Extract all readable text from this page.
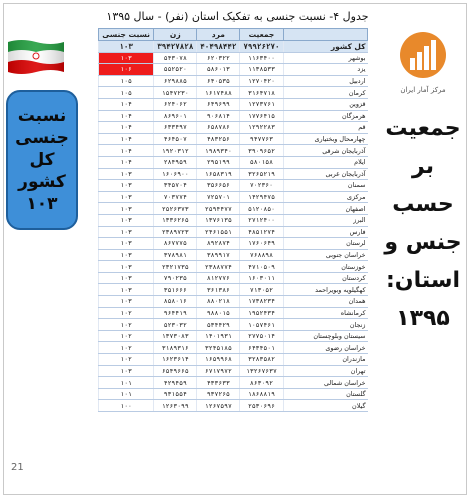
جدول ۴- نسبت جنسی به تفکیک استان (نفر) - سال ۱۳۹۵
نسبت
جنسی
کل
کشور
۱۰۳
مرکز آمار ایران
جمعیت
بر
حسب
جنس و
استان:
۱۳۹۵
نسبت جنسی	زن	مرد	جمعیت	
۱۰۳	۳۹۴۲۷۸۲۸	۴۰۴۹۸۴۴۲	۷۹۹۲۶۲۷۰	کل کشور
۱۰۳	۵۴۳۰۷۸	۶۲۰۳۲۲	۱۱۶۳۴۰۰	بوشهر
۱۰۶	۵۵۲۵۲۰	۵۸۶۰۱۳	۱۱۳۸۵۳۳	یزد
۱۰۵	۶۲۹۸۸۵	۶۴۰۵۳۵	۱۲۷۰۴۲۰	اردبیل
۱۰۵	۱۵۴۷۲۳۰	۱۶۱۷۴۸۸	۳۱۶۴۷۱۸	کرمان
۱۰۴	۶۲۴۰۶۲	۶۴۹۶۹۹	۱۲۷۳۷۶۱	قزوین
۱۰۴	۸۶۹۶۰۱	۹۰۶۸۱۴	۱۷۷۶۴۱۵	هرمزگان
۱۰۴	۶۳۳۴۹۷	۶۵۸۷۸۶	۱۲۹۲۲۸۳	قم
۱۰۴	۴۶۴۵۰۷	۴۸۳۲۵۶	۹۴۷۷۶۳	چهارمحال وبختیاری
۱۰۴	۱۹۲۰۳۱۲	۱۹۸۹۳۴۰	۳۹۰۹۶۵۲	آذربایجان شرقی
۱۰۴	۲۸۴۹۵۹	۲۹۵۱۹۹	۵۸۰۱۵۸	ایلام
۱۰۳	۱۶۰۶۹۰۰	۱۶۵۸۳۱۹	۳۲۶۵۲۱۹	آذربایجان غربی
۱۰۳	۳۴۵۷۰۴	۳۵۶۶۵۶	۷۰۲۳۶۰	سمنان
۱۰۳	۷۰۳۷۷۴	۷۲۵۷۰۱	۱۴۲۹۴۷۵	مرکزی
۱۰۳	۲۵۲۶۳۷۳	۲۵۹۴۴۷۷	۵۱۲۰۸۵۰	اصفهان
۱۰۳	۱۳۳۶۲۶۵	۱۳۷۶۱۳۵	۲۷۱۲۴۰۰	البرز
۱۰۳	۲۳۸۹۷۲۳	۲۴۶۱۵۵۱	۴۸۵۱۲۷۴	فارس
۱۰۳	۸۶۷۷۷۵	۸۹۲۸۷۴	۱۷۶۰۶۴۹	لرستان
۱۰۳	۳۷۸۹۸۱	۳۸۹۹۱۷	۷۶۸۸۹۸	خراسان جنوبی
۱۰۳	۲۳۲۱۷۳۵	۲۳۸۸۷۷۴	۴۷۱۰۵۰۹	خوزستان
۱۰۳	۷۹۰۲۳۵	۸۱۲۷۷۶	۱۶۰۳۰۱۱	کردستان
۱۰۳	۳۵۱۶۶۶	۳۶۱۳۸۶	۷۱۳۰۵۲	کهگیلویه وبویراحمد
۱۰۳	۸۵۸۰۱۶	۸۸۰۲۱۸	۱۷۳۸۲۳۴	همدان
۱۰۲	۹۶۴۴۱۹	۹۸۸۰۱۵	۱۹۵۲۴۳۴	کرمانشاه
۱۰۲	۵۲۳۰۳۲	۵۳۴۴۲۹	۱۰۵۷۴۶۱	زنجان
۱۰۲	۱۳۷۳۰۸۳	۱۴۰۱۹۳۱	۲۷۷۵۰۱۴	سیستان وبلوچستان
۱۰۲	۳۱۸۹۳۱۶	۳۲۴۵۱۸۵	۶۴۳۴۵۰۱	خراسان رضوی
۱۰۲	۱۶۲۳۶۱۴	۱۶۵۹۹۶۸	۳۲۸۳۵۸۲	مازندران
۱۰۳	۶۵۴۹۶۶۵	۶۷۱۷۹۷۲	۱۳۲۶۷۶۳۷	تهران
۱۰۱	۴۲۹۴۵۹	۴۳۳۶۳۳	۸۶۳۰۹۲	خراسان شمالی
۱۰۱	۹۳۱۵۵۴	۹۳۷۲۶۵	۱۸۶۸۸۱۹	گلستان
۱۰۰	۱۲۶۳۰۹۹	۱۲۶۷۵۹۷	۲۵۳۰۶۹۶	گیلان
21
